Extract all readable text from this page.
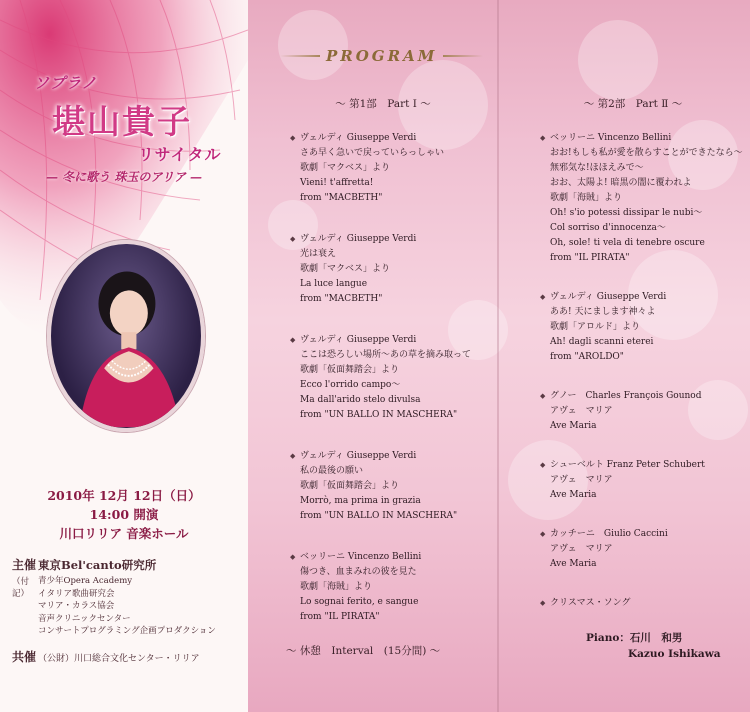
ソプラノ
堪山貴子
リサイタル
— 冬に歌う 珠玉のアリア —
2010年 12月 12日（日）
14:00 開演
川口リリア 音楽ホール
主催 東京Bel'canto研究所
（付記）
青少年Opera Academy
イタリア歌曲研究会
マリア・カラス協会
音声クリニックセンター
コンサートプログラミング企画プロダクション
共催 （公財）川口総合文化センター・リリア
PROGRAM
〜 第1部　Part Ⅰ 〜	〜 第2部　Part Ⅱ 〜
◆ ヴェルディ Giuseppe Verdi
さあ早く急いで戻っていらっしゃい
歌劇「マクベス」より
Vieni! t'affretta!
from "MACBETH"
◆ ヴェルディ Giuseppe Verdi
光は衰え
歌劇「マクベス」より
La luce langue
from "MACBETH"
◆ ヴェルディ Giuseppe Verdi
ここは恐ろしい場所〜あの草を摘み取って
歌劇「仮面舞踏会」より
Ecco l'orrido campo〜
Ma dall'arido stelo divulsa
from "UN BALLO IN MASCHERA"
◆ ヴェルディ Giuseppe Verdi
私の最後の願い
歌劇「仮面舞踏会」より
Morrò, ma prima in grazia
from "UN BALLO IN MASCHERA"
◆ ベッリーニ Vincenzo Bellini
傷つき、血まみれの彼を見た
歌劇「海賊」より
Lo sognai ferito, e sangue
from "IL PIRATA"
◆ ベッリーニ Vincenzo Bellini
おお!もしも私が愛を散らすことができたなら〜
無邪気な!ほほえみで〜
おお、太陽よ! 暗黒の闇に覆われよ
歌劇「海賊」より
Oh! s'io potessi dissipar le nubi〜
Col sorriso d'innocenza〜
Oh, sole! ti vela di tenebre oscure
from "IL PIRATA"
◆ ヴェルディ Giuseppe Verdi
ああ! 天にまします神々よ
歌劇「アロルド」より
Ah! dagli scanni eterei
from "AROLDO"
◆ グノー　Charles François Gounod
アヴェ　マリア
Ave Maria
◆ シューベルト Franz Peter Schubert
アヴェ　マリア
Ave Maria
◆ カッチーニ　Giulio Caccini
アヴェ　マリア
Ave Maria
◆ クリスマス・ソング
〜 休憩　Interval　(15分間) 〜
Piano：石川　和男
Kazuo Ishikawa
